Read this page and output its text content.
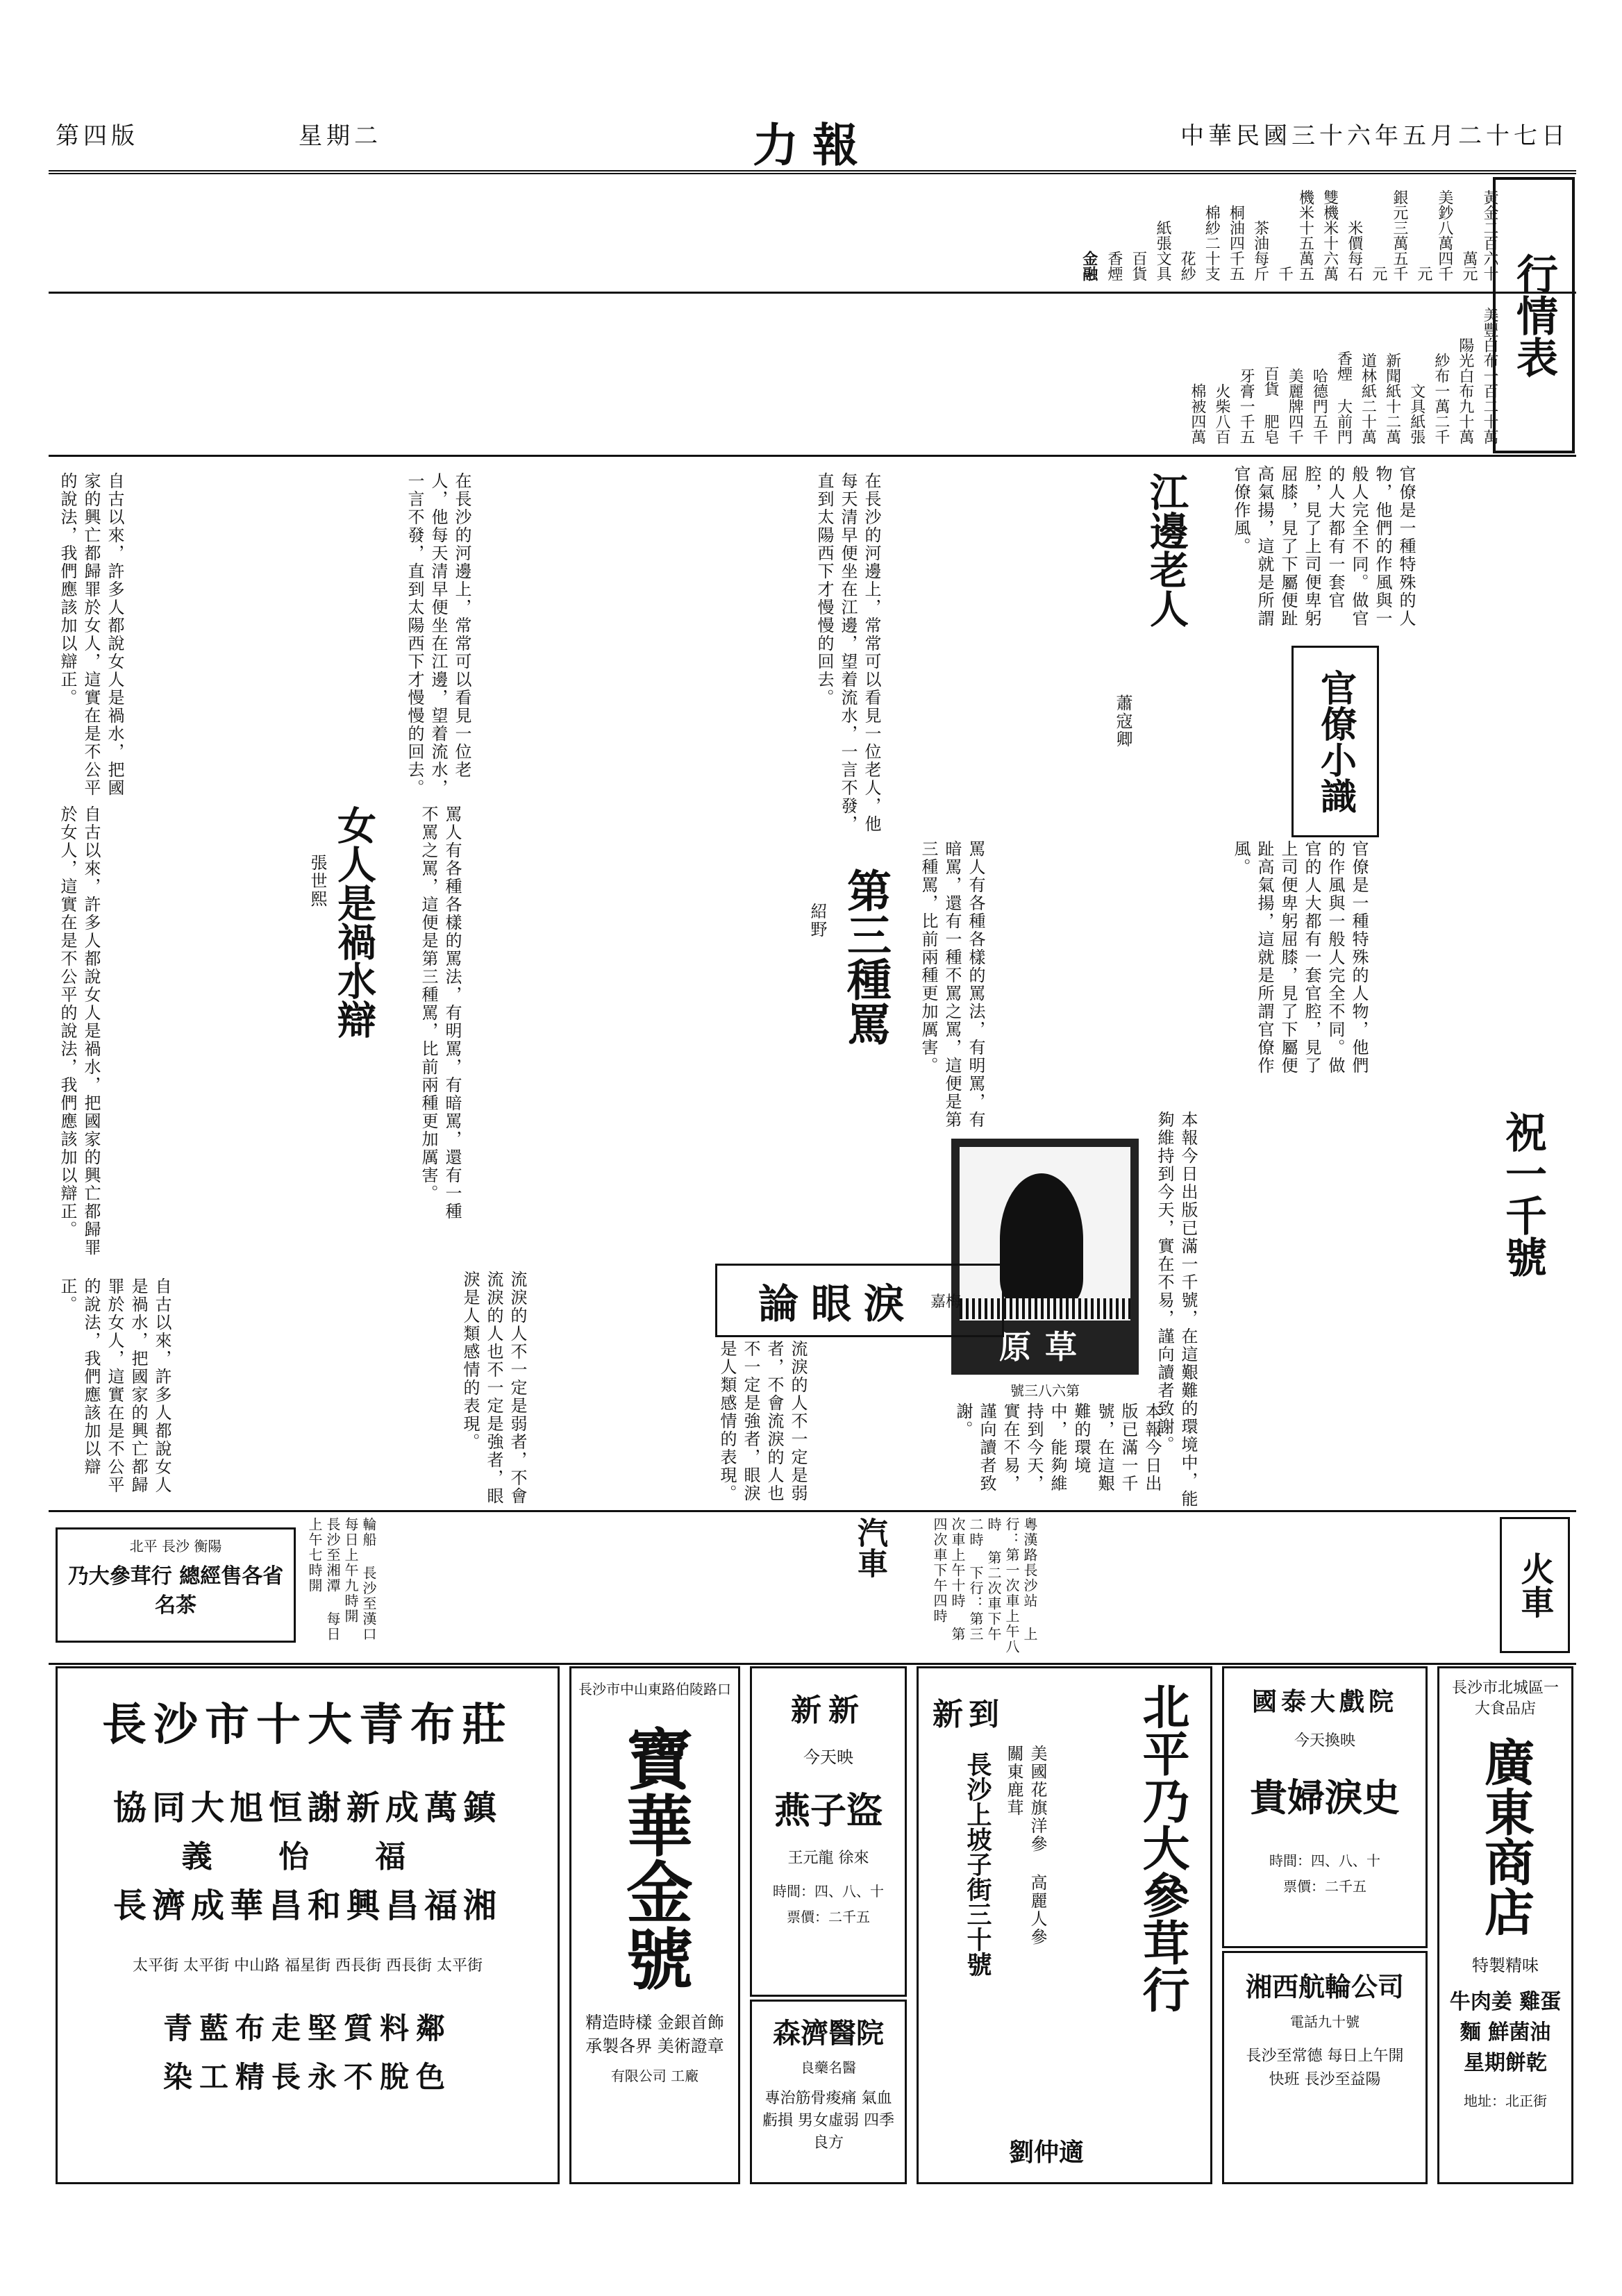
第四版	星期二	力報	中華民國三十六年五月二十七日
行情表
黃金二百六十萬元 美鈔八萬四千元 銀元三萬五千元 米價每石 雙機米十六萬 機米十五萬五千 茶油每斤 桐油四千五 棉紗二十支 花紗 紙張文具 百貨 香煙 金融
美豐白布一百二十萬 陽光白布九十萬 紗布一萬二千 文具紙張 新聞紙十二萬 道林紙二十萬 香煙 大前門 哈德門五千 美麗牌四千 百貨 肥皂 牙膏一千五 火柴八百 棉被四萬
官僚小識
官僚是一種特殊的人物，他們的作風與一般人完全不同。做官的人大都有一套官腔，見了上司便卑躬屈膝，見了下屬便趾高氣揚，這就是所謂官僚作風。
官僚是一種特殊的人物，他們的作風與一般人完全不同。做官的人大都有一套官腔，見了上司便卑躬屈膝，見了下屬便趾高氣揚，這就是所謂官僚作風。
江邊老人
蕭寇卿
在長沙的河邊上，常常可以看見一位老人，他每天清早便坐在江邊，望着流水，一言不發，直到太陽西下才慢慢的回去。
在長沙的河邊上，常常可以看見一位老人，他每天清早便坐在江邊，望着流水，一言不發，直到太陽西下才慢慢的回去。
女人是禍水辯
張世熙
自古以來，許多人都說女人是禍水，把國家的興亡都歸罪於女人，這實在是不公平的說法，我們應該加以辯正。
自古以來，許多人都說女人是禍水，把國家的興亡都歸罪於女人，這實在是不公平的說法，我們應該加以辯正。
自古以來，許多人都說女人是禍水，把國家的興亡都歸罪於女人，這實在是不公平的說法，我們應該加以辯正。
第三種罵
紹野
罵人有各種各樣的罵法，有明罵，有暗罵，還有一種不罵之罵，這便是第三種罵，比前兩種更加厲害。	罵人有各種各樣的罵法，有明罵，有暗罵，還有一種不罵之罵，這便是第三種罵，比前兩種更加厲害。
原草
號三八六第
祝一千號
本報今日出版已滿一千號，在這艱難的環境中，能夠維持到今天，實在不易，謹向讀者致謝。
本報今日出版已滿一千號，在這艱難的環境中，能夠維持到今天，實在不易，謹向讀者致謝。
論眼淚 嘉梅
流淚的人不一定是弱者，不會流淚的人也不一定是強者，眼淚是人類感情的表現。
流淚的人不一定是弱者，不會流淚的人也不一定是強者，眼淚是人類感情的表現。
火車
粵漢路長沙站 上行：第一次車上午八時 第二次車下午二時 下行：第三次車上午十時 第四次車下午四時
汽車
輪船 長沙至漢口 每日上午九時開 長沙至湘潭 每日上午七時開
北平 長沙 衡陽
乃大參茸行 總經售各省名茶
長沙市十大青布莊
協同大旭恒謝新成萬鎮
義 怡 福
長濟成華昌和興昌福湘
太平街 太平街 中山路 福星街 西長街 西長街 太平街
青藍布走堅質料鄰
染工精長永不脫色
長沙市中山東路伯陵路口
寶華金號
精造時樣 金銀首飾 承製各界 美術證章
有限公司 工廠
新新
今天映
燕子盜
王元龍 徐來
時間：四、八、十
票價：二千五
森濟醫院
良藥名醫
專治筋骨痠痛 氣血虧損 男女虛弱 四季良方
北平乃大參茸行
新到
美國花旗洋參 高麗人參 關東鹿茸
長沙上坡子街三十號
劉仲適
國泰大戲院
今天換映
貴婦淚史
時間：四、八、十
票價：二千五
湘西航輪公司
電話九十號
長沙至常德 每日上午開 快班 長沙至益陽
長沙市北城區一大食品店
廣東商店
特製精味
牛肉姜 雞蛋麵 鮮菌油 星期餅乾
地址：北正街
